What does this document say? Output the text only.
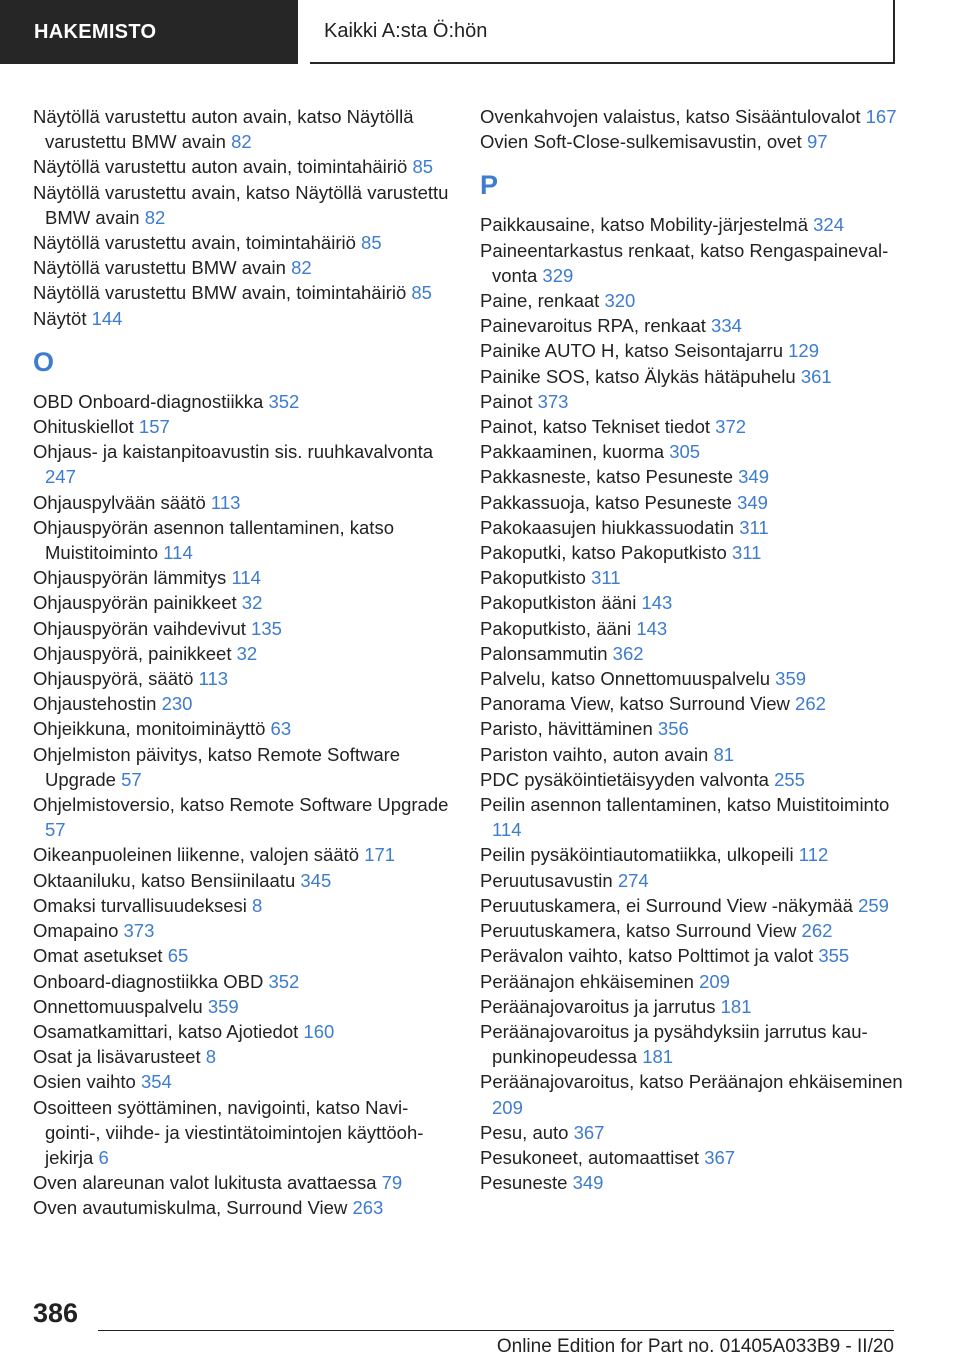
HAKEMISTO	Kaikki A:sta Ö:hön
Näytöllä varustettu auton avain, katso Näytöllä varustettu BMW avain 82
Näytöllä varustettu auton avain, toimintahäiriö 85
Näytöllä varustettu avain, katso Näytöllä varustettu BMW avain 82
Näytöllä varustettu avain, toimintahäiriö 85
Näytöllä varustettu BMW avain 82
Näytöllä varustettu BMW avain, toimintahäiriö 85
Näytöt 144
O
OBD Onboard-diagnostiikka 352
Ohituskiellot 157
Ohjaus- ja kaistanpitoavustin sis. ruuhkavalvonta 247
Ohjauspylvään säätö 113
Ohjauspyörän asennon tallentaminen, katso Muistitoiminto 114
Ohjauspyörän lämmitys 114
Ohjauspyörän painikkeet 32
Ohjauspyörän vaihdevivut 135
Ohjauspyörä, painikkeet 32
Ohjauspyörä, säätö 113
Ohjaustehostin 230
Ohjeikkuna, monitoiminäyttö 63
Ohjelmiston päivitys, katso Remote Software Upgrade 57
Ohjelmistoversio, katso Remote Software Upgrade 57
Oikeanpuoleinen liikenne, valojen säätö 171
Oktaaniluku, katso Bensiinilaatu 345
Omaksi turvallisuudeksesi 8
Omapaino 373
Omat asetukset 65
Onboard-diagnostiikka OBD 352
Onnettomuuspalvelu 359
Osamatkamittari, katso Ajotiedot 160
Osat ja lisävarusteet 8
Osien vaihto 354
Osoitteen syöttäminen, navigointi, katso Navigointi-, viihde- ja viestintätoimintojen käyttöohjekirja 6
Oven alareunan valot lukitusta avattaessa 79
Oven avautumiskulma, Surround View 263
Ovenkahvojen valaistus, katso Sisääntulovalot 167
Ovien Soft-Close-sulkemisavustin, ovet 97
P
Paikkausaine, katso Mobility-järjestelmä 324
Paineentarkastus renkaat, katso Rengaspainevalvonta 329
Paine, renkaat 320
Painevaroitus RPA, renkaat 334
Painike AUTO H, katso Seisontajarru 129
Painike SOS, katso Älykäs hätäpuhelu 361
Painot 373
Painot, katso Tekniset tiedot 372
Pakkaaminen, kuorma 305
Pakkasneste, katso Pesuneste 349
Pakkassuoja, katso Pesuneste 349
Pakokaasujen hiukkassuodatin 311
Pakoputki, katso Pakoputkisto 311
Pakoputkisto 311
Pakoputkiston ääni 143
Pakoputkisto, ääni 143
Palonsammutin 362
Palvelu, katso Onnettomuuspalvelu 359
Panorama View, katso Surround View 262
Paristo, hävittäminen 356
Pariston vaihto, auton avain 81
PDC pysäköintietäisyyden valvonta 255
Peilin asennon tallentaminen, katso Muistitoiminto 114
Peilin pysäköintiautomatiikka, ulkopeili 112
Peruutusavustin 274
Peruutuskamera, ei Surround View -näkymää 259
Peruutuskamera, katso Surround View 262
Perävalon vaihto, katso Polttimot ja valot 355
Peräänajon ehkäiseminen 209
Peräänajovaroitus ja jarrutus 181
Peräänajovaroitus ja pysähdyksiin jarrutus kaupunkinopeudessa 181
Peräänajovaroitus, katso Peräänajon ehkäiseminen 209
Pesu, auto 367
Pesukoneet, automaattiset 367
Pesuneste 349
386
Online Edition for Part no. 01405A033B9 - II/20
